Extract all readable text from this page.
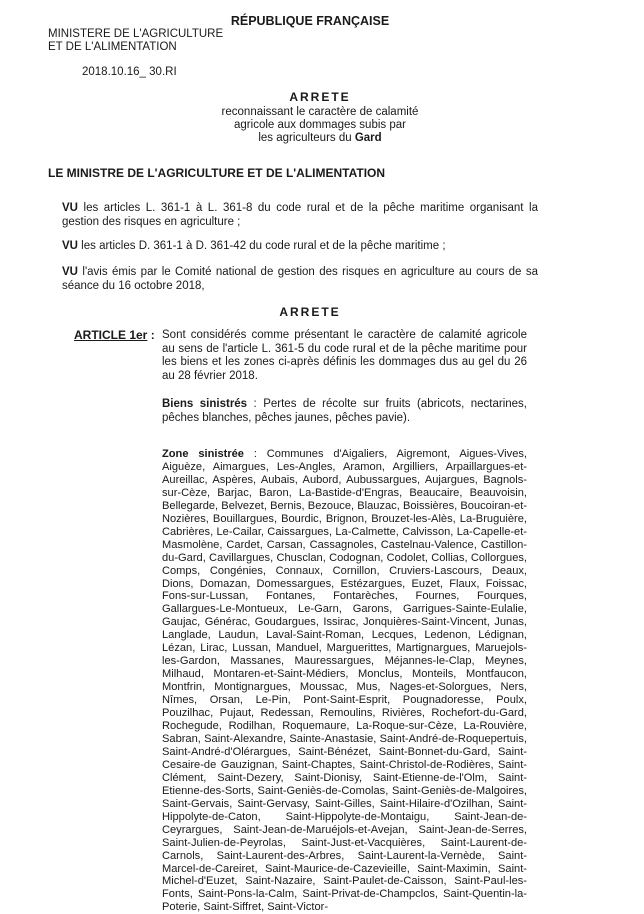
RÉPUBLIQUE FRANÇAISE
MINISTERE DE L'AGRICULTURE
ET DE L'ALIMENTATION
2018.10.16_ 30.RI
ARRETE
reconnaissant le caractère de calamité
agricole aux dommages subis par
les agriculteurs du Gard
LE MINISTRE DE L'AGRICULTURE ET DE L'ALIMENTATION
VU les articles L. 361-1 à L. 361-8 du code rural et de la pêche maritime organisant la gestion des risques en agriculture ;
VU les articles D. 361-1 à D. 361-42 du code rural et de la pêche maritime ;
VU l'avis émis par le Comité national de gestion des risques en agriculture au cours de sa séance du 16 octobre 2018,
ARRETE
ARTICLE 1er : Sont considérés comme présentant le caractère de calamité agricole au sens de l'article L. 361-5 du code rural et de la pêche maritime pour les biens et les zones ci-après définis les dommages dus au gel du 26 au 28 février 2018.
Biens sinistrés : Pertes de récolte sur fruits (abricots, nectarines, pêches blanches, pêches jaunes, pêches pavie).
Zone sinistrée : Communes d'Aigaliers, Aigremont, Aigues-Vives, Aiguèze, Aimargues, Les-Angles, Aramon, Argilliers, Arpaillargues-et-Aureillac, Aspères, Aubais, Aubord, Aubussargues, Aujargues, Bagnols-sur-Cèze, Barjac, Baron, La-Bastide-d'Engras, Beaucaire, Beauvoisin, Bellegarde, Belvezet, Bernis, Bezouce, Blauzac, Boissières, Boucoiran-et-Nozières, Bouillargues, Bourdic, Brignon, Brouzet-les-Alès, La-Bruguière, Cabrières, Le-Cailar, Caissargues, La-Calmette, Calvisson, La-Capelle-et-Masmolène, Cardet, Carsan, Cassagnoles, Castelnau-Valence, Castillon-du-Gard, Cavillargues, Chusclan, Codognan, Codolet, Collias, Collorgues, Comps, Congénies, Connaux, Cornillon, Cruviers-Lascours, Deaux, Dions, Domazan, Domessargues, Estézargues, Euzet, Flaux, Foissac, Fons-sur-Lussan, Fontanes, Fontarèches, Fournes, Fourques, Gallargues-Le-Montueux, Le-Garn, Garons, Garrigues-Sainte-Eulalie, Gaujac, Générac, Goudargues, Issirac, Jonquières-Saint-Vincent, Junas, Langlade, Laudun, Laval-Saint-Roman, Lecques, Ledenon, Lédignan, Lézan, Lirac, Lussan, Manduel, Marguerittes, Martignargues, Maruejols-les-Gardon, Massanes, Mauressargues, Méjannes-le-Clap, Meynes, Milhaud, Montaren-et-Saint-Médiers, Monclus, Monteils, Montfaucon, Montfrin, Montignargues, Moussac, Mus, Nages-et-Solorgues, Ners, Nîmes, Orsan, Le-Pin, Pont-Saint-Esprit, Pougnadoresse, Poulx, Pouzilhac, Pujaut, Redessan, Remoulins, Rivières, Rochefort-du-Gard, Rochegude, Rodilhan, Roquemaure, La-Roque-sur-Cèze, La-Rouvière, Sabran, Saint-Alexandre, Sainte-Anastasie, Saint-André-de-Roquepertuis, Saint-André-d'Olérargues, Saint-Bénézet, Saint-Bonnet-du-Gard, Saint-Cesaire-de Gauzignan, Saint-Chaptes, Saint-Christol-de-Rodières, Saint-Clément, Saint-Dezery, Saint-Dionisy, Saint-Etienne-de-l'Olm, Saint-Etienne-des-Sorts, Saint-Geniès-de-Comolas, Saint-Geniès-de-Malgoires, Saint-Gervais, Saint-Gervasy, Saint-Gilles, Saint-Hilaire-d'Ozilhan, Saint-Hippolyte-de-Caton, Saint-Hippolyte-de-Montaigu, Saint-Jean-de-Ceyrargues, Saint-Jean-de-Maruéjols-et-Avejan, Saint-Jean-de-Serres, Saint-Julien-de-Peyrolas, Saint-Just-et-Vacquières, Saint-Laurent-de-Carnols, Saint-Laurent-des-Arbres, Saint-Laurent-la-Vernède, Saint-Marcel-de-Careiret, Saint-Maurice-de-Cazevieille, Saint-Maximin, Saint-Michel-d'Euzet, Saint-Nazaire, Saint-Paulet-de-Caisson, Saint-Paul-les-Fonts, Saint-Pons-la-Calm, Saint-Privat-de-Champclos, Saint-Quentin-la-Poterie, Saint-Siffret, Saint-Victor-
